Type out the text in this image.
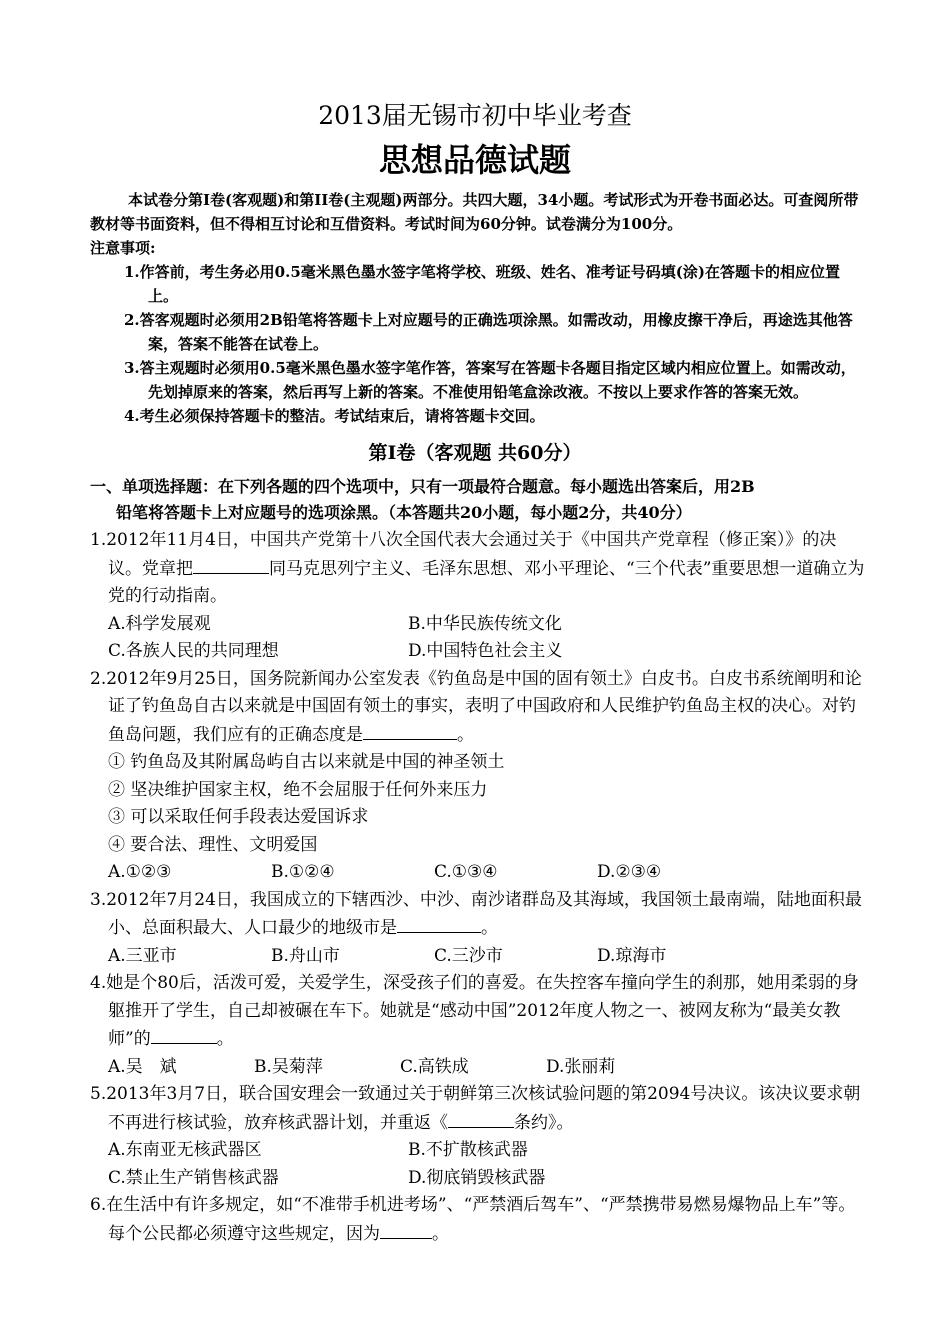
2013届无锡市初中毕业考查
思想品德试题
本试卷分第Ⅰ卷(客观题)和第II卷(主观题)两部分。共四大题，34小题。考试形式为开卷书面必达。可查阅所带教材等书面资料，但不得相互讨论和互借资料。考试时间为60分钟。试卷满分为100分。
注意事项:
1.作答前，考生务必用0.5毫米黑色墨水签字笔将学校、班级、姓名、准考证号码填(涂)在答题卡的相应位置上。
2.答客观题时必须用2B铅笔将答题卡上对应题号的正确选项涂黑。如需改动，用橡皮擦干净后，再途选其他答案，答案不能答在试卷上。
3.答主观题时必须用0.5毫米黑色墨水签字笔作答，答案写在答题卡各题目指定区域内相应位置上。如需改动，先划掉原来的答案，然后再写上新的答案。不准使用铅笔盒涂改液。不按以上要求作答的答案无效。
4.考生必须保持答题卡的整洁。考试结束后，请将答题卡交回。
第Ⅰ卷（客观题 共60分）
一、单项选择题：在下列各题的四个选项中，只有一项最符合题意。每小题选出答案后，用2B
铅笔将答题卡上对应题号的选项涂黑。（本答题共20小题，每小题2分，共40分）
1.2012年11月4日，中国共产党第十八次全国代表大会通过关于《中国共产党章程（修正案）》的决议。党章把	同马克思列宁主义、毛泽东思想、邓小平理论、“三个代表”重要思想一道确立为党的行动指南。
A.科学发展观	B.中华民族传统文化
C.各族人民的共同理想	D.中国特色社会主义
2.2012年9月25日，国务院新闻办公室发表《钓鱼岛是中国的固有领土》白皮书。白皮书系统阐明和论证了钓鱼岛自古以来就是中国固有领土的事实，表明了中国政府和人民维护钓鱼岛主权的决心。对钓鱼岛问题，我们应有的正确态度是	。
① 钓鱼岛及其附属岛屿自古以来就是中国的神圣领土
② 坚决维护国家主权，绝不会屈服于任何外来压力
③ 可以采取任何手段表达爱国诉求
④ 要合法、理性、文明爱国
A.①②③	B.①②④	C.①③④	D.②③④
3.2012年7月24日，我国成立的下辖西沙、中沙、南沙诸群岛及其海域，我国领土最南端，陆地面积最小、总面积最大、人口最少的地级市是	。
A.三亚市	B.舟山市	C.三沙市	D.琼海市
4.她是个80后，活泼可爱，关爱学生，深受孩子们的喜爱。在失控客车撞向学生的刹那，她用柔弱的身躯推开了学生，自己却被碾在车下。她就是“感动中国”2012年度人物之一、被网友称为“最美女教师”的	。
A.吴　斌	B.吴菊萍	C.高铁成	D.张丽莉
5.2013年3月7日，联合国安理会一致通过关于朝鲜第三次核试验问题的第2094号决议。该决议要求朝不再进行核试验，放弃核武器计划，并重返《	条约》。
A.东南亚无核武器区	B.不扩散核武器
C.禁止生产销售核武器	D.彻底销毁核武器
6.在生活中有许多规定，如“不准带手机进考场”、“严禁酒后驾车”、“严禁携带易燃易爆物品上车”等。每个公民都必须遵守这些规定，因为	。
